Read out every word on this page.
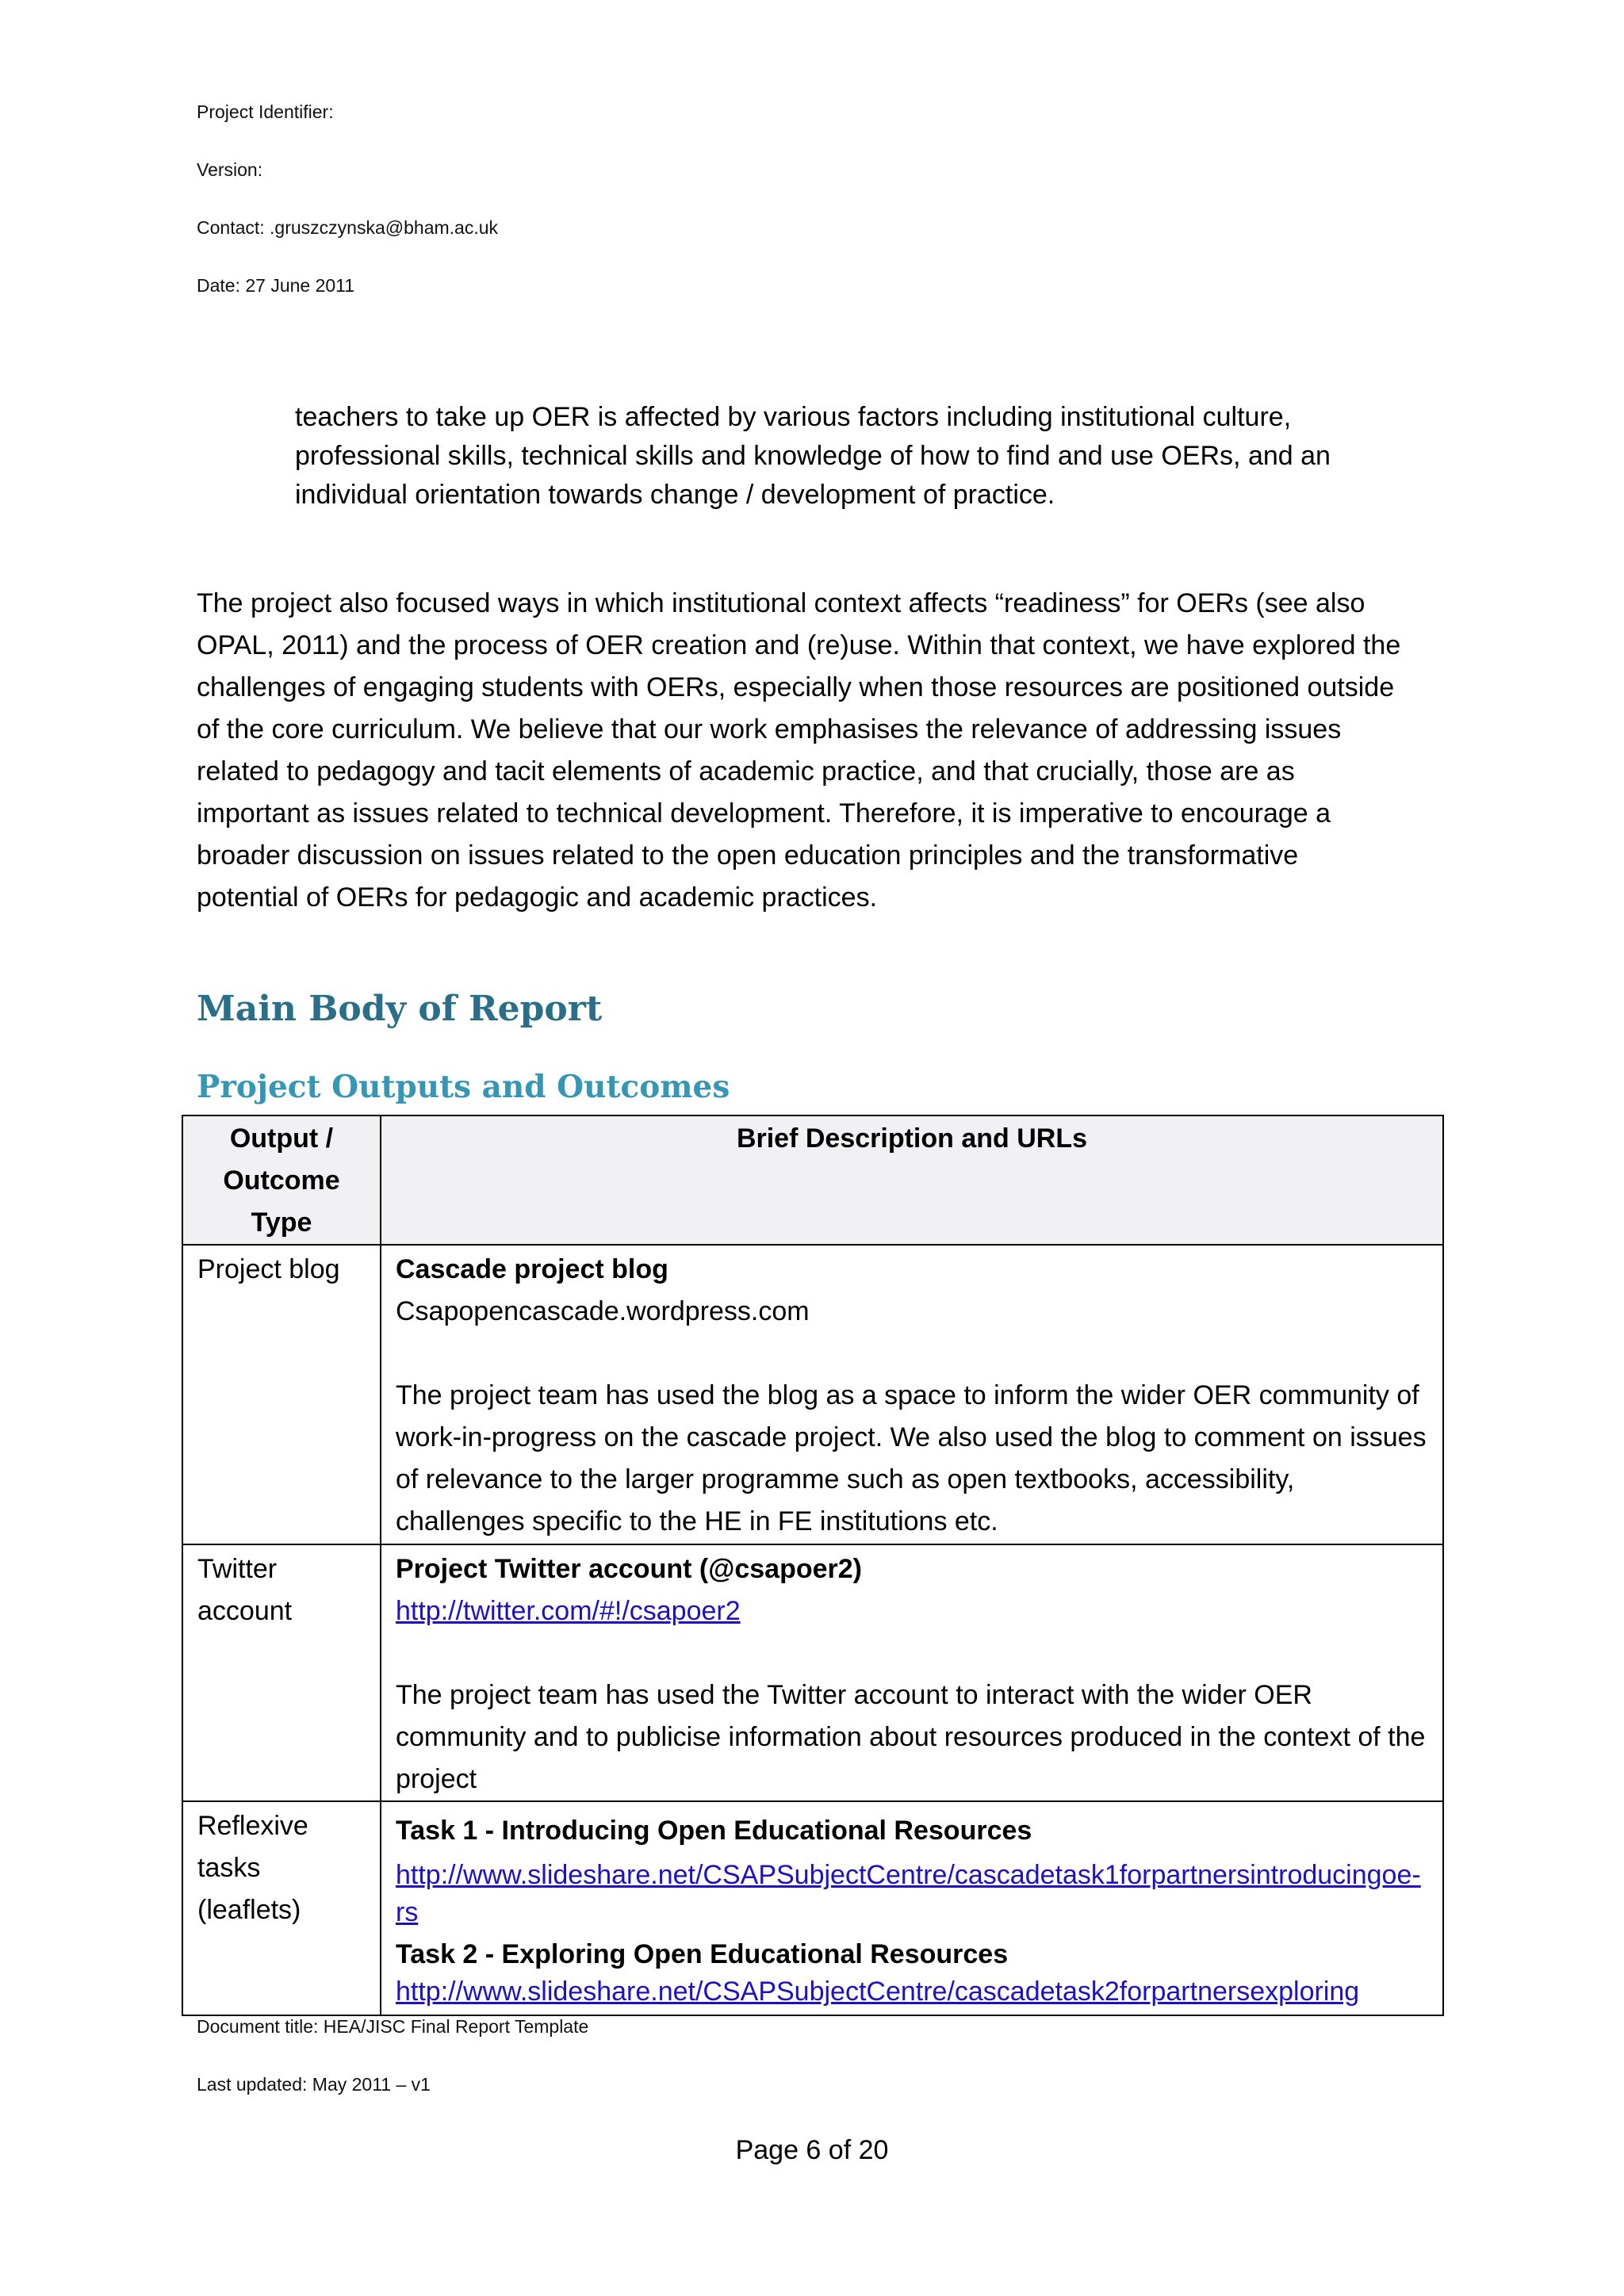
Project Identifier:
Version:
Contact: .gruszczynska@bham.ac.uk
Date: 27 June 2011
teachers to take up OER is affected by various factors including institutional culture,
professional skills, technical skills and knowledge of how to find and use OERs, and an
individual orientation towards change / development of practice.
The project also focused ways in which institutional context affects “readiness” for OERs (see also
OPAL, 2011) and the process of OER creation and (re)use. Within that context, we have explored the
challenges of engaging students with OERs, especially when those resources are positioned outside
of the core curriculum. We believe that our work emphasises the relevance of addressing issues
related to pedagogy and tacit elements of academic practice, and that crucially, those are as
important as issues related to technical development. Therefore, it is imperative to encourage a
broader discussion on issues related to the open education principles and the transformative
potential of OERs for pedagogic and academic practices.
Main Body of Report
Project Outputs and Outcomes
Output / Outcome Type	Brief Description and URLs
Project blog	Cascade project blog
Csapopencascade.wordpress.com
The project team has used the blog as a space to inform the wider OER community of work-in-progress on the cascade project. We also used the blog to comment on issues of relevance to the larger programme such as open textbooks, accessibility, challenges specific to the HE in FE institutions etc.

Twitter account	Project Twitter account (@csapoer2)
http://twitter.com/#!/csapoer2
The project team has used the Twitter account to interact with the wider OER community and to publicise information about resources produced in the context of the project

Reflexive tasks (leaflets)	Task 1 - Introducing Open Educational Resources
http://www.slideshare.net/CSAPSubjectCentre/cascadetask1forpartnersintroducingoe-rs
Task 2 - Exploring Open Educational Resources
http://www.slideshare.net/CSAPSubjectCentre/cascadetask2forpartnersexploring
Document title: HEA/JISC Final Report Template
Last updated: May 2011 – v1
Page 6 of 20
